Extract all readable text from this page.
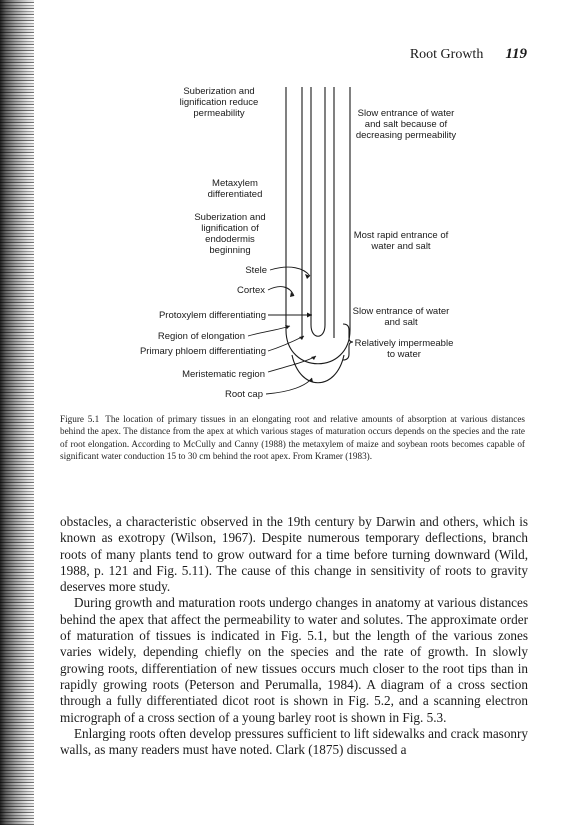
Root Growth 119
Suberization and
lignification reduce
permeability
Metaxylem
differentiated
Suberization and
lignification of
endodermis
beginning
Stele
Cortex
Protoxylem differentiating
Region of elongation
Primary phloem differentiating
Meristematic region
Root cap
Slow entrance of water
and salt because of
decreasing permeability
Most rapid entrance of
water and salt
Slow entrance of water
and salt
Relatively impermeable
to water
Figure 5.1 The location of primary tissues in an elongating root and relative amounts of absorption at various distances behind the apex. The distance from the apex at which various stages of maturation occurs depends on the species and the rate of root elongation. According to McCully and Canny (1988) the metaxylem of maize and soybean roots becomes capable of significant water conduction 15 to 30 cm behind the root apex. From Kramer (1983).

obstacles, a characteristic observed in the 19th century by Darwin and others, which is known as exotropy (Wilson, 1967). Despite numerous temporary deflections, branch roots of many plants tend to grow outward for a time before turning downward (Wild, 1988, p. 121 and Fig. 5.11). The cause of this change in sensitivity of roots to gravity deserves more study.

During growth and maturation roots undergo changes in anatomy at various distances behind the apex that affect the permeability to water and solutes. The approximate order of maturation of tissues is indicated in Fig. 5.1, but the length of the various zones varies widely, depending chiefly on the species and the rate of growth. In slowly growing roots, differentiation of new tissues occurs much closer to the root tips than in rapidly growing roots (Peterson and Perumalla, 1984). A diagram of a cross section through a fully differentiated dicot root is shown in Fig. 5.2, and a scanning electron micrograph of a cross section of a young barley root is shown in Fig. 5.3.

Enlarging roots often develop pressures sufficient to lift sidewalks and crack masonry walls, as many readers must have noted. Clark (1875) discussed a
